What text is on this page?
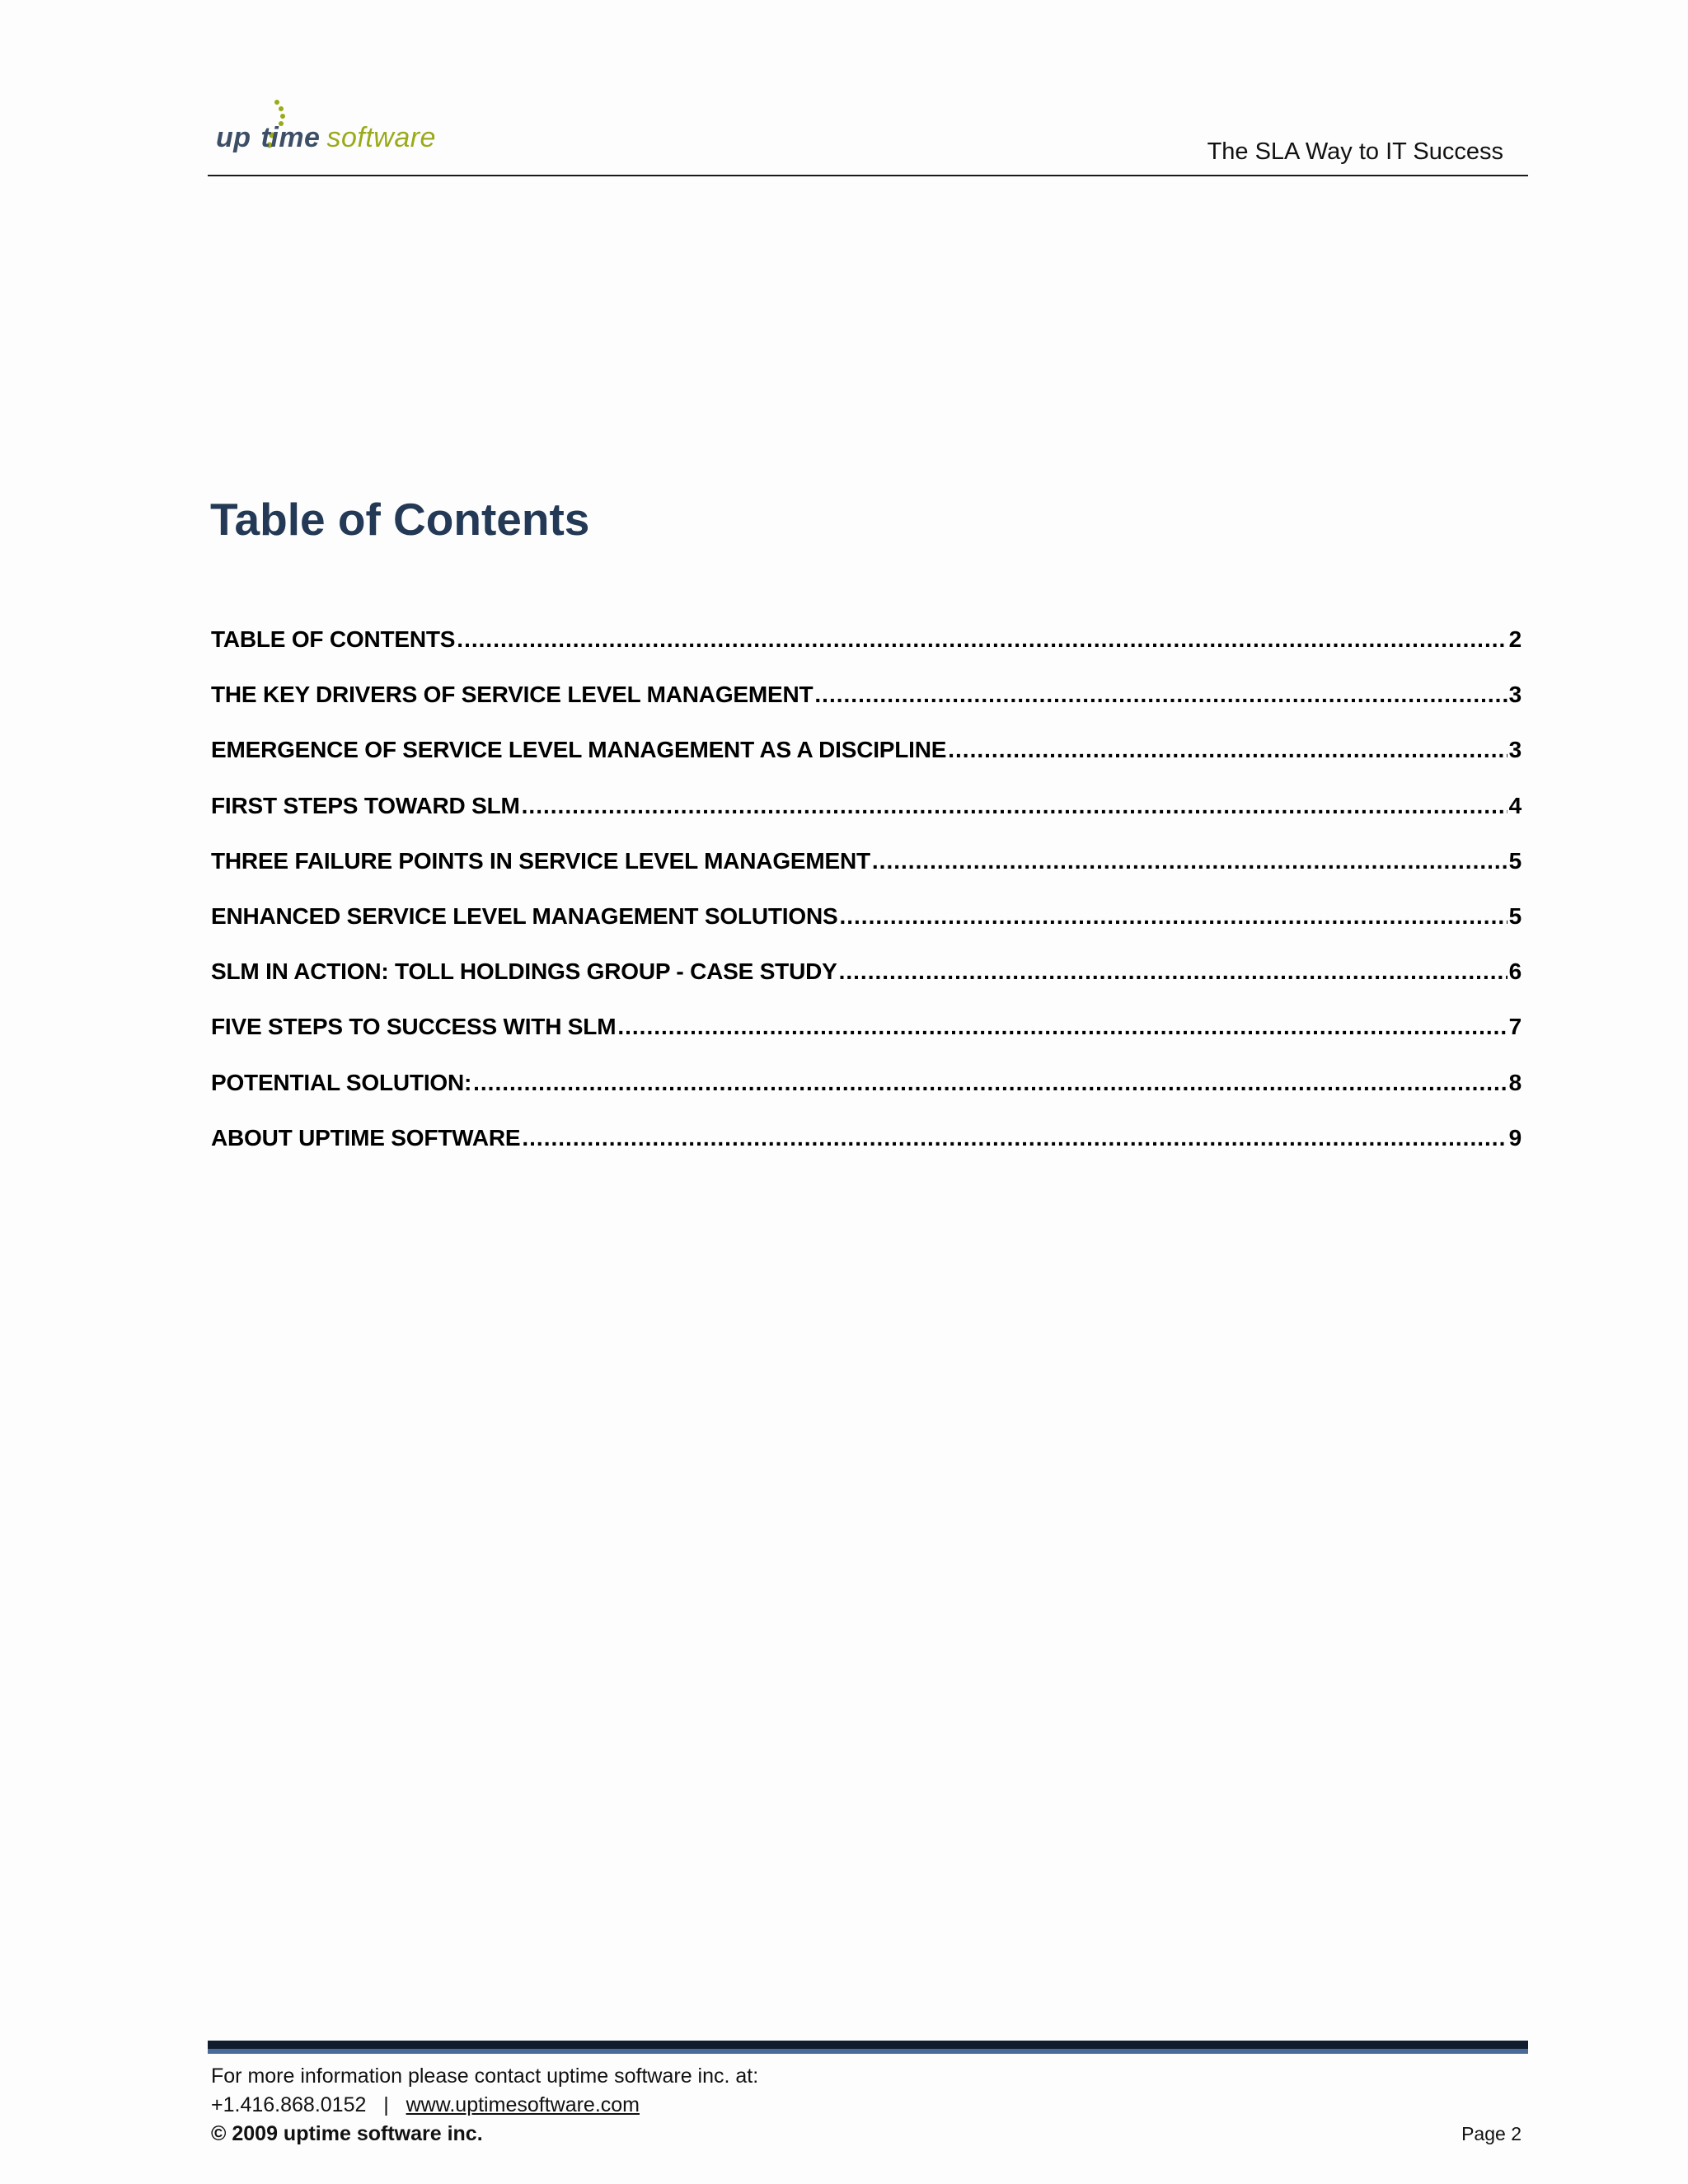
up time software	The SLA Way to IT Success
Table of Contents
TABLE OF CONTENTS .....	2
THE KEY DRIVERS OF SERVICE LEVEL MANAGEMENT .....	3
EMERGENCE OF SERVICE LEVEL MANAGEMENT AS A DISCIPLINE .....	3
FIRST STEPS TOWARD SLM .....	4
THREE FAILURE POINTS IN SERVICE LEVEL MANAGEMENT .....	5
ENHANCED SERVICE LEVEL MANAGEMENT SOLUTIONS .....	5
SLM IN ACTION: TOLL HOLDINGS GROUP - CASE STUDY .....	6
FIVE STEPS TO SUCCESS WITH SLM .....	7
POTENTIAL SOLUTION: .....	8
ABOUT UPTIME SOFTWARE .....	9
For more information please contact uptime software inc. at:
+1.416.868.0152 | www.uptimesoftware.com
© 2009 uptime software inc.	Page 2
